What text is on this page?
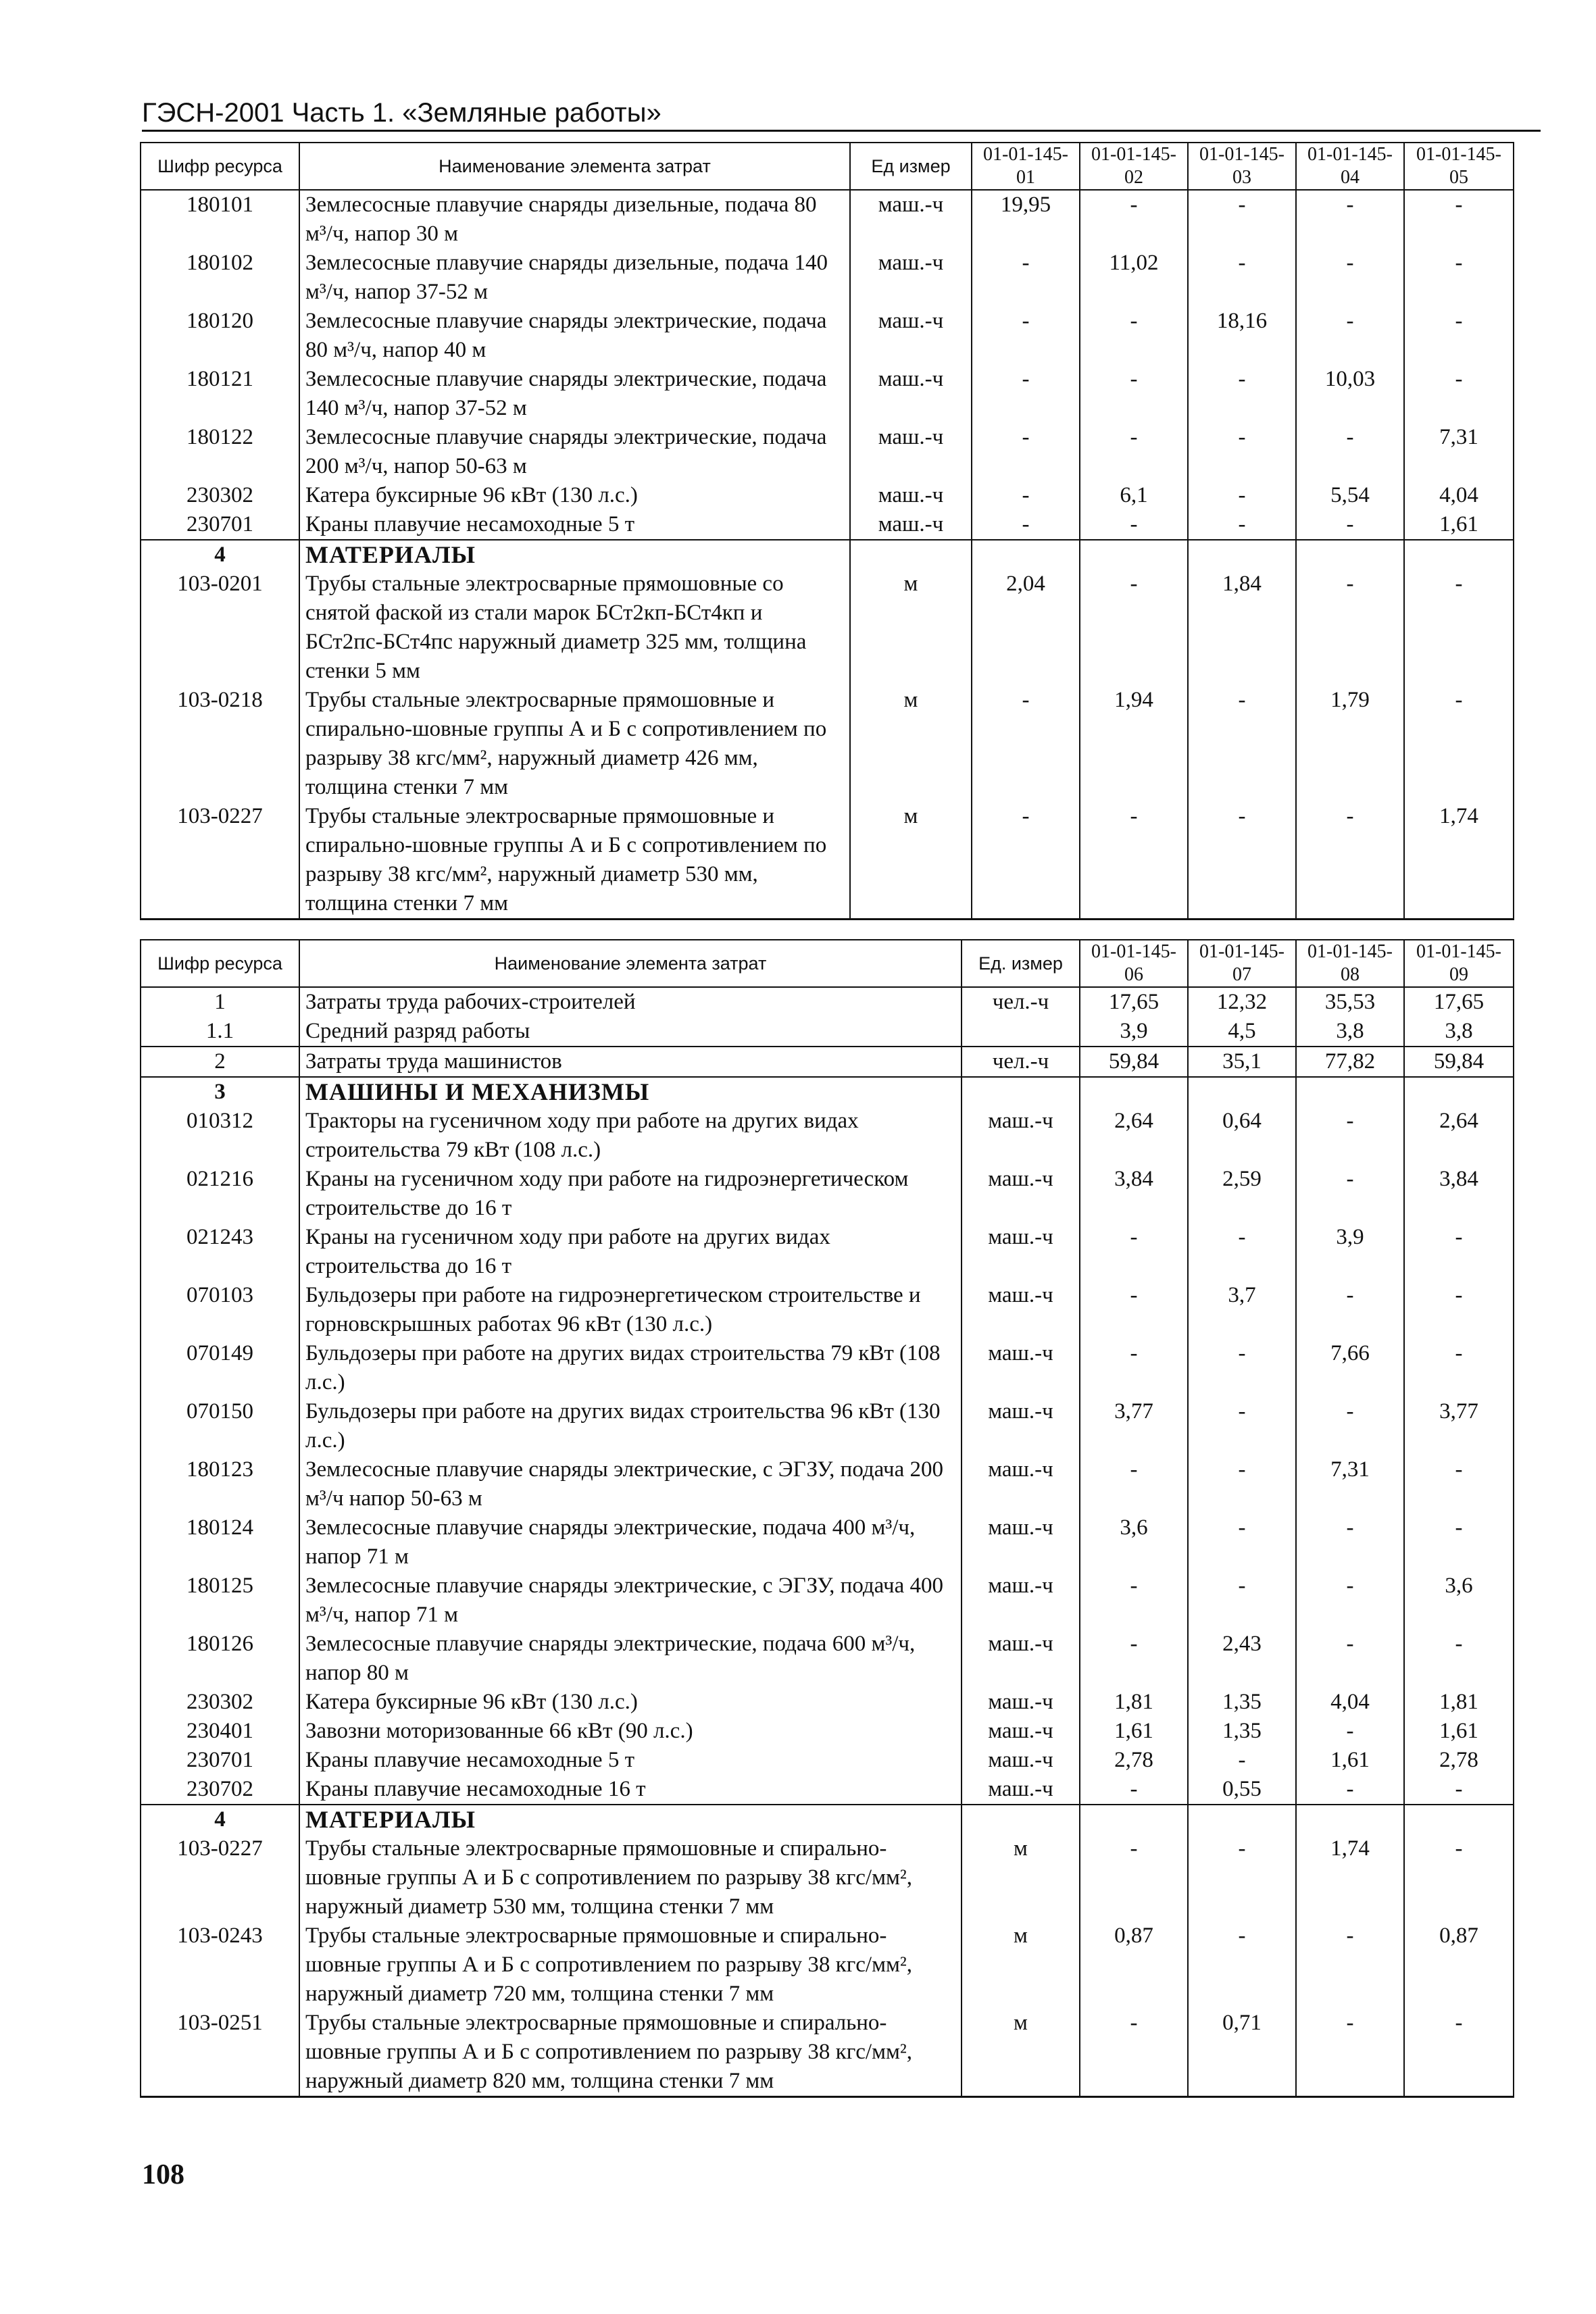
ГЭСН-2001 Часть 1. «Земляные работы»
Шифр ресурса	Наименование элемента затрат	Ед измер	01-01-145-01	01-01-145-02	01-01-145-03	01-01-145-04	01-01-145-05
180101	Землесосные плавучие снаряды дизельные, подача 80 м³/ч, напор 30 м	маш.-ч	19,95	-	-	-	-
180102	Землесосные плавучие снаряды дизельные, подача 140 м³/ч, напор 37-52 м	маш.-ч	-	11,02	-	-	-
180120	Землесосные плавучие снаряды электрические, подача 80 м³/ч, напор 40 м	маш.-ч	-	-	18,16	-	-
180121	Землесосные плавучие снаряды электрические, подача 140 м³/ч, напор 37-52 м	маш.-ч	-	-	-	10,03	-
180122	Землесосные плавучие снаряды электрические, подача 200 м³/ч, напор 50-63 м	маш.-ч	-	-	-	-	7,31
230302	Катера буксирные 96 кВт (130 л.с.)	маш.-ч	-	6,1	-	5,54	4,04
230701	Краны плавучие несамоходные 5 т	маш.-ч	-	-	-	-	1,61
4	МАТЕРИАЛЫ						
103-0201	Трубы стальные электросварные прямошовные со снятой фаской из стали марок БСт2кп-БСт4кп и БСт2пс-БСт4пс наружный диаметр 325 мм, толщина стенки 5 мм	м	2,04	-	1,84	-	-
103-0218	Трубы стальные электросварные прямошовные и спирально-шовные группы А и Б с сопротивлением по разрыву 38 кгс/мм², наружный диаметр 426 мм, толщина стенки 7 мм	м	-	1,94	-	1,79	-
103-0227	Трубы стальные электросварные прямошовные и спирально-шовные группы А и Б с сопротивлением по разрыву 38 кгс/мм², наружный диаметр 530 мм, толщина стенки 7 мм	м	-	-	-	-	1,74
Шифр ресурса	Наименование элемента затрат	Ед. измер	01-01-145-06	01-01-145-07	01-01-145-08	01-01-145-09
1	Затраты труда рабочих-строителей	чел.-ч	17,65	12,32	35,53	17,65
1.1	Средний разряд работы		3,9	4,5	3,8	3,8
2	Затраты труда машинистов	чел.-ч	59,84	35,1	77,82	59,84
3	МАШИНЫ И МЕХАНИЗМЫ					
010312	Тракторы на гусеничном ходу при работе на других видах строительства 79 кВт (108 л.с.)	маш.-ч	2,64	0,64	-	2,64
021216	Краны на гусеничном ходу при работе на гидроэнергетическом строительстве до 16 т	маш.-ч	3,84	2,59	-	3,84
021243	Краны на гусеничном ходу при работе на других видах строительства до 16 т	маш.-ч	-	-	3,9	-
070103	Бульдозеры при работе на гидроэнергетическом строительстве и горновскрышных работах 96 кВт (130 л.с.)	маш.-ч	-	3,7	-	-
070149	Бульдозеры при работе на других видах строительства 79 кВт (108 л.с.)	маш.-ч	-	-	7,66	-
070150	Бульдозеры при работе на других видах строительства 96 кВт (130 л.с.)	маш.-ч	3,77	-	-	3,77
180123	Землесосные плавучие снаряды электрические, с ЭГЗУ, подача 200 м³/ч напор 50-63 м	маш.-ч	-	-	7,31	-
180124	Землесосные плавучие снаряды электрические, подача 400 м³/ч, напор 71 м	маш.-ч	3,6	-	-	-
180125	Землесосные плавучие снаряды электрические, с ЭГЗУ, подача 400 м³/ч, напор 71 м	маш.-ч	-	-	-	3,6
180126	Землесосные плавучие снаряды электрические, подача 600 м³/ч, напор 80 м	маш.-ч	-	2,43	-	-
230302	Катера буксирные 96 кВт (130 л.с.)	маш.-ч	1,81	1,35	4,04	1,81
230401	Завозни моторизованные 66 кВт (90 л.с.)	маш.-ч	1,61	1,35	-	1,61
230701	Краны плавучие несамоходные 5 т	маш.-ч	2,78	-	1,61	2,78
230702	Краны плавучие несамоходные 16 т	маш.-ч	-	0,55	-	-
4	МАТЕРИАЛЫ					
103-0227	Трубы стальные электросварные прямошовные и спирально-шовные группы А и Б с сопротивлением по разрыву 38 кгс/мм², наружный диаметр 530 мм, толщина стенки 7 мм	м	-	-	1,74	-
103-0243	Трубы стальные электросварные прямошовные и спирально-шовные группы А и Б с сопротивлением по разрыву 38 кгс/мм², наружный диаметр 720 мм, толщина стенки 7 мм	м	0,87	-	-	0,87
103-0251	Трубы стальные электросварные прямошовные и спирально-шовные группы А и Б с сопротивлением по разрыву 38 кгс/мм², наружный диаметр 820 мм, толщина стенки 7 мм	м	-	0,71	-	-
108
